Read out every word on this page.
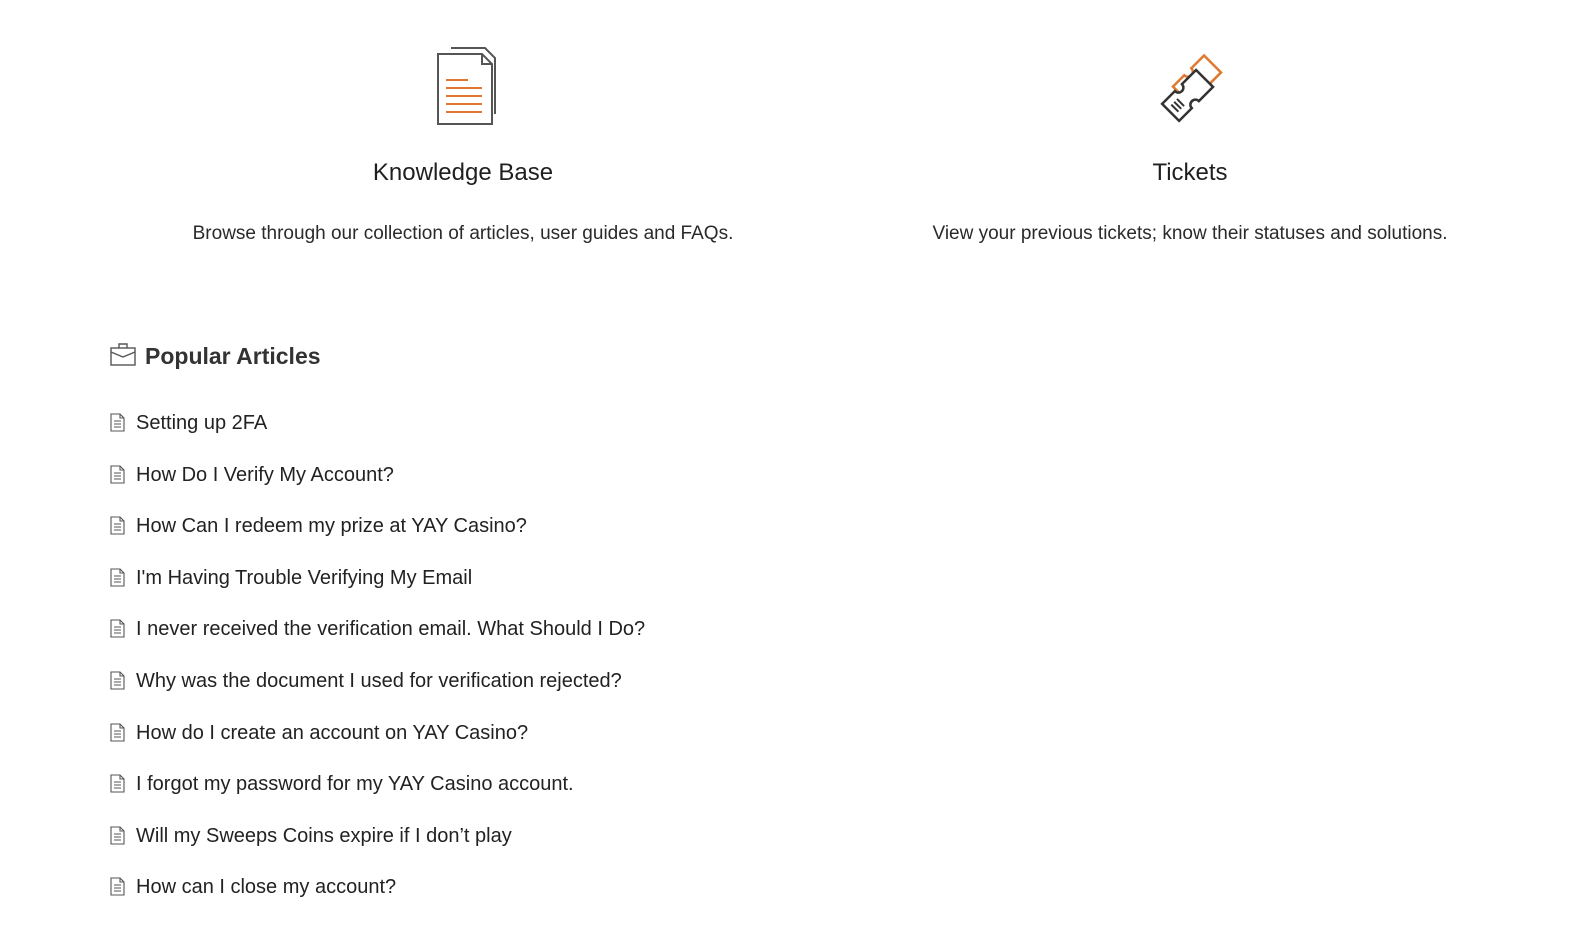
Knowledge Base
Browse through our collection of articles, user guides and FAQs.
Tickets
View your previous tickets; know their statuses and solutions.
Popular Articles
Setting up 2FA
How Do I Verify My Account?
How Can I redeem my prize at YAY Casino?
I'm Having Trouble Verifying My Email
I never received the verification email. What Should I Do?
Why was the document I used for verification rejected?
How do I create an account on YAY Casino?
I forgot my password for my YAY Casino account.
Will my Sweeps Coins expire if I don’t play
How can I close my account?
